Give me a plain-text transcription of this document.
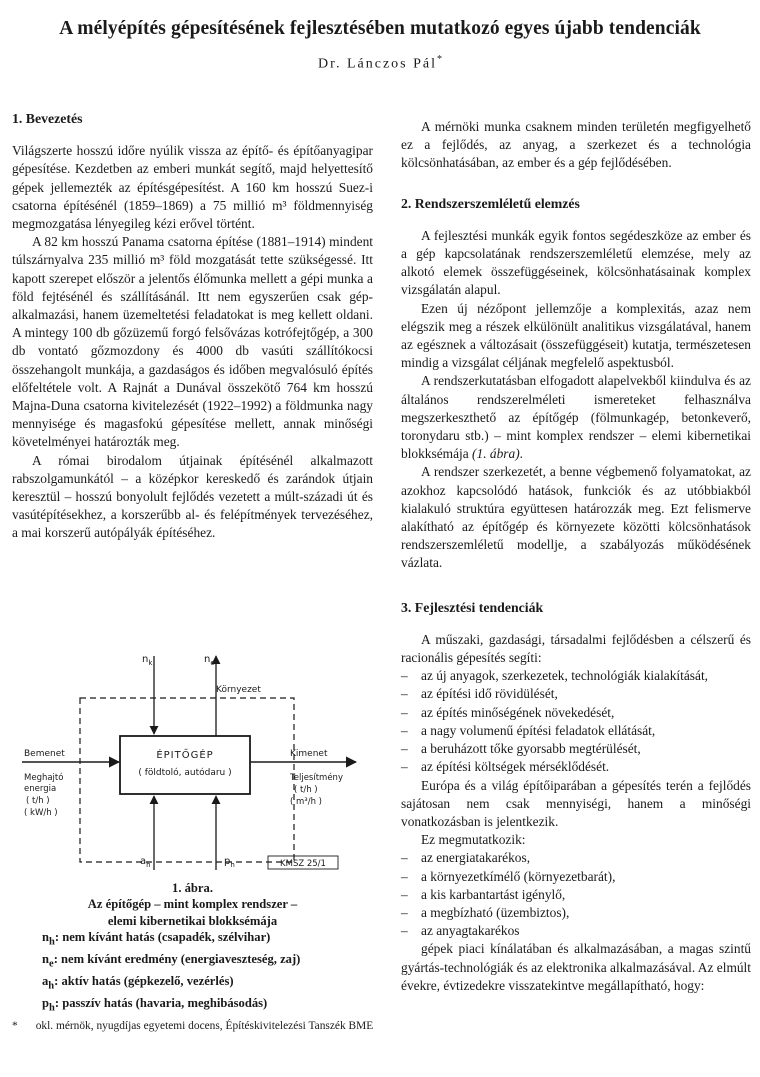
A mélyépítés gépesítésének fejlesztésében mutatkozó egyes újabb tendenciák
Dr. Lánczos Pál*
1. Bevezetés

Világszerte hosszú időre nyúlik vissza az építő- és építőanyagipar gépesítése. Kezdetben az emberi munkát segítő, majd helyettesítő gépek jellemezték az építésgépesítést. A 160 km hosszú Suez-i csatorna építésénél (1859–1869) a 75 millió m³ földmennyiség megmozgatása lényegileg kézi erővel történt.

A 82 km hosszú Panama csatorna építése (1881–1914) mindent túlszárnyalva 235 millió m³ föld mozgatását tette szükségessé. Itt kapott szerepet először a jelentős élőmunka mellett a gépi munka a föld fejtésénél és szállításánál. Itt nem egyszerűen csak gép-alkalmazási, hanem üzemeltetési feladatokat is meg kellett oldani. A mintegy 100 db gőzüzemű forgó felsővázas kotrófejtőgép, a 300 db vontató gőzmozdony és 4000 db vasúti szállítókocsi összehangolt munkája, a gazdaságos és időben megvalósuló építés előfeltétele volt. A Rajnát a Dunával összekötő 764 km hosszú Majna-Duna csatorna kivitelezését (1922–1992) a földmunka nagy mennyisége és magasfokú gépesítése mellett, annak minőségi követelményei határozták meg.

A római birodalom útjainak építésénél alkalmazott rabszolgamunkától – a középkor kereskedő és zarándok útjain keresztül – hosszú bonyolult fejlődés vezetett a múlt-századi út és vasútépítésekhez, a korszerűbb al- és felépítmények tervezéséhez, a mai korszerű autópályák építéséhez.

Környezet
ÉPITŐGÉP
( földtoló, autódaru )
Bemenet
Meghajtó
energia
( t/h )
( kW/h )
Kimenet
Teljesítmény
( t/h )
( m³/h )
$n_k$	$n_e$
$a_h$	$p_h$	KMSZ 25/1
1. ábra.
Az építőgép – mint komplex rendszer –
elemi kibernetikai blokksémája
$n_h$: nem kívánt hatás (csapadék, szélvihar)
$n_e$: nem kívánt eredmény (energiaveszteség, zaj)
$a_h$: aktív hatás (gépkezelő, vezérlés)
$p_h$: passzív hatás (havaria, meghibásodás)

A mérnöki munka csaknem minden területén megfigyelhető ez a fejlődés, az anyag, a szerkezet és a technológia kölcsönhatásában, az ember és a gép fejlődésében.

2. Rendszerszemléletű elemzés

A fejlesztési munkák egyik fontos segédeszköze az ember és a gép kapcsolatának rendszerszemléletű elemzése, mely az alkotó elemek összefüggéseinek, kölcsönhatásainak komplex vizsgálatán alapul.

Ezen új nézőpont jellemzője a komplexitás, azaz nem elégszik meg a részek elkülönült analitikus vizsgálatával, hanem az egésznek a változásait (összefüggéseit) kutatja, természetesen mindig a vizsgálat céljának megfelelő aspektusból.

A rendszerkutatásban elfogadott alapelvekből kiindulva és az általános rendszerelméleti ismereteket felhasználva megszerkeszthető az építőgép (fölmunkagép, betonkeverő, toronydaru stb.) – mint komplex rendszer – elemi kibernetikai blokksémája (1. ábra).

A rendszer szerkezetét, a benne végbemenő folyamatokat, az azokhoz kapcsolódó hatások, funkciók és az utóbbiakból kialakuló struktúra együttesen határozzák meg. Ezt felismerve alakítható az építőgép és környezete közötti kölcsönhatások rendszerszemléletű modellje, a szabályozás működésének vázlata.

3. Fejlesztési tendenciák

A műszaki, gazdasági, társadalmi fejlődésben a célszerű és racionális gépesítés segíti:

– az új anyagok, szerkezetek, technológiák kialakítását,
– az építési idő rövidülését,
– az építés minőségének növekedését,
– a nagy volumenű építési feladatok ellátását,
– a beruházott tőke gyorsabb megtérülését,
– az építési költségek mérséklődését.

Európa és a világ építőiparában a gépesítés terén a fejlődés sajátosan nem csak mennyiségi, hanem a minőségi vonatkozásban is jelentkezik.

Ez megmutatkozik:

– az energiatakarékos,
– a környezetkímélő (környezetbarát),
– a kis karbantartást igénylő,
– a megbízható (üzembiztos),
– az anyagtakarékos

gépek piaci kínálatában és alkalmazásában, a magas szintű gyártás-technológiák és az elektronika alkalmazásával. Az elmúlt évekre, évtizedekre visszatekintve megállapítható, hogy:

* okl. mérnök, nyugdíjas egyetemi docens, Építéskivitelezési Tanszék BME
